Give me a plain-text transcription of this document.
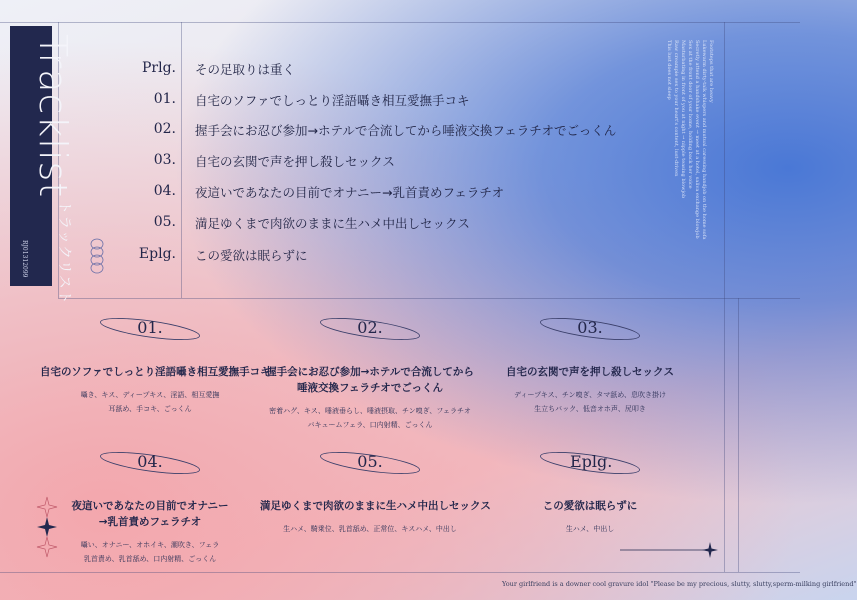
Tracklist$^{トラックリスト}$
RJ01312099
Prlg. その足取りは重く
01. 自宅のソファでしっとり淫語囁き相互愛撫手コキ
02. 握手会にお忍び参加→ホテルで合流してから唾液交換フェラチオでごっくん
03. 自宅の玄関で声を押し殺しセックス
04. 夜這いであなたの目前でオナニー→乳首責めフェラチオ
05. 満足ゆくまで肉欲のままに生ハメ中出しセックス
Eplg. この愛欲は眠らずに
Footsteps that are heavy
Lukewarm dirty-talk whispers and mutual caressing handjob on the home sofa
Secretly attend a handshake event → meet at a hotel, saliva exchange blowjob
Sex at the front door of your home, holding back her voice
Masturbating in front of you at night → nipple teasing blowjob
Raw creampie sex to your heart's content, lust-driven
This lust does not sleep
01.
自宅のソファでしっとり淫語囁き相互愛撫手コキ
囁き、キス、ディープキス、淫語、相互愛撫
耳舐め、手コキ、ごっくん
02.
握手会にお忍び参加→ホテルで合流してから
唾液交換フェラチオでごっくん
密着ハグ、キス、唾液垂らし、唾液摂取、チン嗅ぎ、フェラチオ
バキュームフェラ、口内射精、ごっくん
03.
自宅の玄関で声を押し殺しセックス
ディープキス、チン嗅ぎ、タマ舐め、息吹き掛け
生立ちバック、低音オホ声、尻叩き
04.
夜這いであなたの目前でオナニー
→乳首責めフェラチオ
囁い、オナニー、オホイキ、潮吹き、フェラ
乳首責め、乳首舐め、口内射精、ごっくん
05.
満足ゆくまで肉欲のままに生ハメ中出しセックス
生ハメ、騎乗位、乳首舐め、正常位、キスハメ、中出し
Eplg.
この愛欲は眠らずに
生ハメ、中出し
Your girlfriend is a downer cool gravure idol "Please be my precious, slutty, slutty,sperm-milking girlfriend"
